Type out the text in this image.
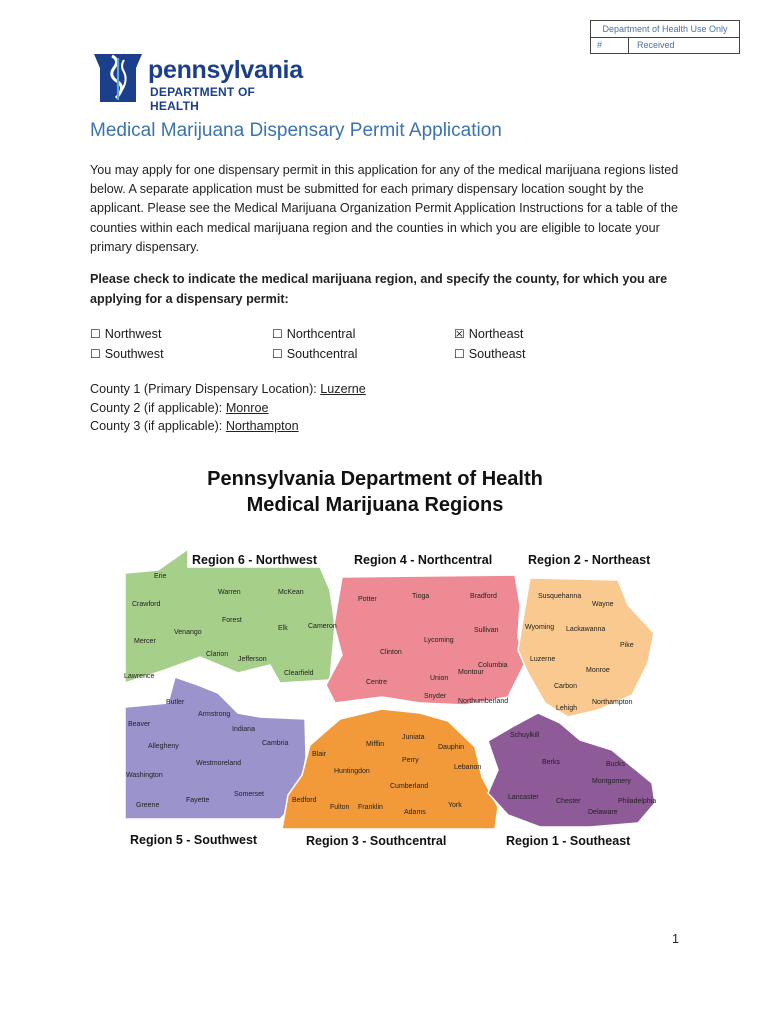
Department of Health Use Only
#	Received
pennsylvania
DEPARTMENT OF HEALTH
Medical Marijuana Dispensary Permit Application
You may apply for one dispensary permit in this application for any of the medical marijuana regions listed below. A separate application must be submitted for each primary dispensary location sought by the applicant. Please see the Medical Marijuana Organization Permit Application Instructions for a table of the counties within each medical marijuana region and the counties in which you are eligible to locate your primary dispensary.
Please check to indicate the medical marijuana region, and specify the county, for which you are applying for a dispensary permit:
☐ Northwest	☐ Northcentral	☒ Northeast
☐ Southwest	☐ Southcentral	☐ Southeast
County 1 (Primary Dispensary Location): Luzerne
County 2 (if applicable): Monroe
County 3 (if applicable): Northampton
Pennsylvania Department of Health
Medical Marijuana Regions
Region 6 - Northwest	Region 4 - Northcentral	Region 2 - Northeast
Region 5 - Southwest	Region 3 - Southcentral	Region 1 - Southeast
Erie
Crawford
Warren	McKean
Forest
Mercer
Venango
Elk	Cameron
Clarion
Jefferson
Lawrence	Clearfield
Potter	Tioga	Bradford
Sullivan
Lycoming
Clinton
Columbia
Montour
Union
Centre
Snyder
Northumberland
Susquehanna
Wayne
Wyoming Lackawanna
Pike
Luzerne
Monroe
Carbon
Northampton
Lehigh
Butler
Armstrong
Beaver
Indiana
Cambria
Allegheny
Westmoreland
Washington
Somerset
Greene
Fayette
Juniata
Dauphin
Blair
Mifflin
Perry
Huntingdon
Lebanon
Cumberland
Bedford
Fulton Franklin	York
Adams
Schuylkill
Berks	Bucks
Montgomery
Lancaster
Chester	Philadelphia
Delaware
1
